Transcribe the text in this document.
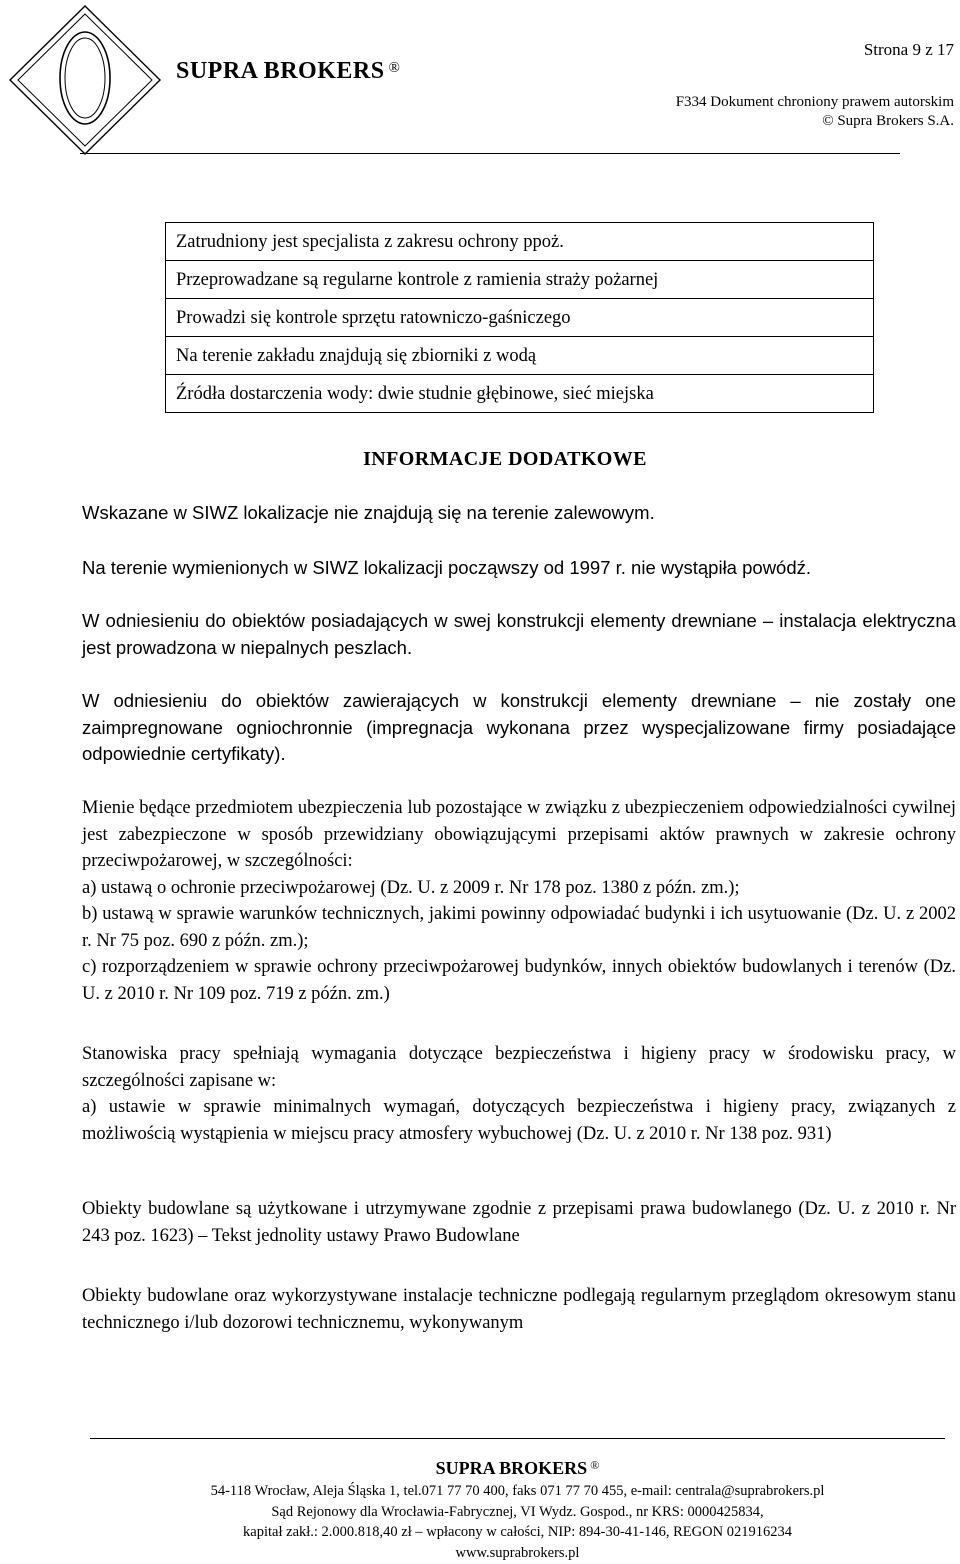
SUPRA BROKERS ®
Strona 9 z 17
F334 Dokument chroniony prawem autorskim
© Supra Brokers S.A.
Zatrudniony jest specjalista z zakresu ochrony ppoż.
Przeprowadzane są regularne kontrole z ramienia straży pożarnej
Prowadzi się kontrole sprzętu ratowniczo-gaśniczego
Na terenie zakładu znajdują się zbiorniki z wodą
Źródła dostarczenia wody: dwie studnie głębinowe, sieć miejska
INFORMACJE DODATKOWE

Wskazane w SIWZ lokalizacje nie znajdują się na terenie zalewowym.

Na terenie wymienionych w SIWZ lokalizacji począwszy od 1997 r. nie wystąpiła powódź.

W odniesieniu do obiektów posiadających w swej konstrukcji elementy drewniane – instalacja elektryczna jest prowadzona w niepalnych peszlach.

W odniesieniu do obiektów zawierających w konstrukcji elementy drewniane – nie zostały one zaimpregnowane ogniochronnie (impregnacja wykonana przez wyspecjalizowane firmy posiadające odpowiednie certyfikaty).

Mienie będące przedmiotem ubezpieczenia lub pozostające w związku z ubezpieczeniem odpowiedzialności cywilnej jest zabezpieczone w sposób przewidziany obowiązującymi przepisami aktów prawnych w zakresie ochrony przeciwpożarowej, w szczególności:
a) ustawą o ochronie przeciwpożarowej (Dz. U. z 2009 r. Nr 178 poz. 1380 z późn. zm.);
b) ustawą w sprawie warunków technicznych, jakimi powinny odpowiadać budynki i ich usytuowanie (Dz. U. z 2002 r. Nr 75 poz. 690 z późn. zm.);
c) rozporządzeniem w sprawie ochrony przeciwpożarowej budynków, innych obiektów budowlanych i terenów (Dz. U. z 2010 r. Nr 109 poz. 719 z późn. zm.)
Stanowiska pracy spełniają wymagania dotyczące bezpieczeństwa i higieny pracy w środowisku pracy, w szczególności zapisane w:
a) ustawie w sprawie minimalnych wymagań, dotyczących bezpieczeństwa i higieny pracy, związanych z możliwością wystąpienia w miejscu pracy atmosfery wybuchowej (Dz. U. z 2010 r. Nr 138 poz. 931)

Obiekty budowlane są użytkowane i utrzymywane zgodnie z przepisami prawa budowlanego (Dz. U. z 2010 r. Nr 243 poz. 1623) – Tekst jednolity ustawy Prawo Budowlane

Obiekty budowlane oraz wykorzystywane instalacje techniczne podlegają regularnym przeglądom okresowym stanu technicznego i/lub dozorowi technicznemu, wykonywanym

SUPRA BROKERS ®
54-118 Wrocław, Aleja Śląska 1, tel.071 77 70 400, faks 071 77 70 455, e-mail: centrala@suprabrokers.pl
Sąd Rejonowy dla Wrocławia-Fabrycznej, VI Wydz. Gospod., nr KRS: 0000425834,
kapitał zakł.: 2.000.818,40 zł – wpłacony w całości, NIP: 894-30-41-146, REGON 021916234
www.suprabrokers.pl
